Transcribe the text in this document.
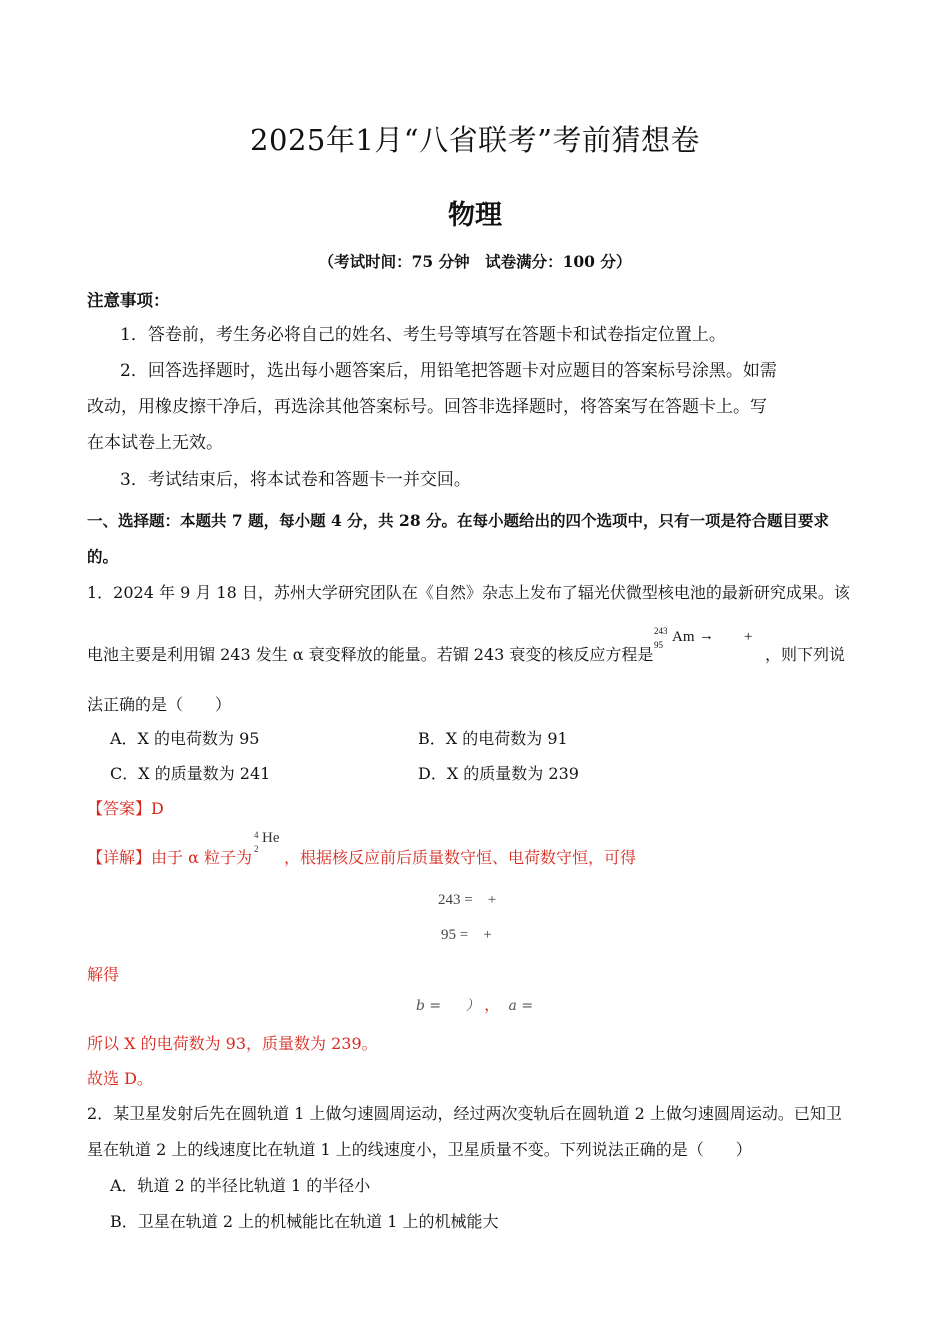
2025年1月“八省联考”考前猜想卷
物理
（考试时间：75 分钟　试卷满分：100 分）
注意事项：
1．答卷前，考生务必将自己的姓名、考生号等填写在答题卡和试卷指定位置上。
2．回答选择题时，选出每小题答案后，用铅笔把答题卡对应题目的答案标号涂黑。如需
改动，用橡皮擦干净后，再选涂其他答案标号。回答非选择题时，将答案写在答题卡上。写
在本试卷上无效。
3．考试结束后，将本试卷和答题卡一并交回。
一、选择题：本题共 7 题，每小题 4 分，共 28 分。在每小题给出的四个选项中，只有一项是符合题目要求
的。
1．2024 年 9 月 18 日，苏州大学研究团队在《自然》杂志上发布了辐光伏微型核电池的最新研究成果。该
电池主要是利用镅 243 发生 α 衰变释放的能量。若镅 243 衰变的核反应方程是
243
95 Am → +
，则下列说
法正确的是（　　）
A．X 的电荷数为 95	B．X 的电荷数为 91
C．X 的质量数为 241	D．X 的质量数为 239
【答案】D
【详解】由于 α 粒子为
4
2
He
，根据核反应前后质量数守恒、电荷数守恒，可得
243 =　+
95 =　+
解得
b = ） ， a =
所以 X 的电荷数为 93，质量数为 239。
故选 D。
2．某卫星发射后先在圆轨道 1 上做匀速圆周运动，经过两次变轨后在圆轨道 2 上做匀速圆周运动。已知卫
星在轨道 2 上的线速度比在轨道 1 上的线速度小，卫星质量不变。下列说法正确的是（　　）
A．轨道 2 的半径比轨道 1 的半径小
B．卫星在轨道 2 上的机械能比在轨道 1 上的机械能大
